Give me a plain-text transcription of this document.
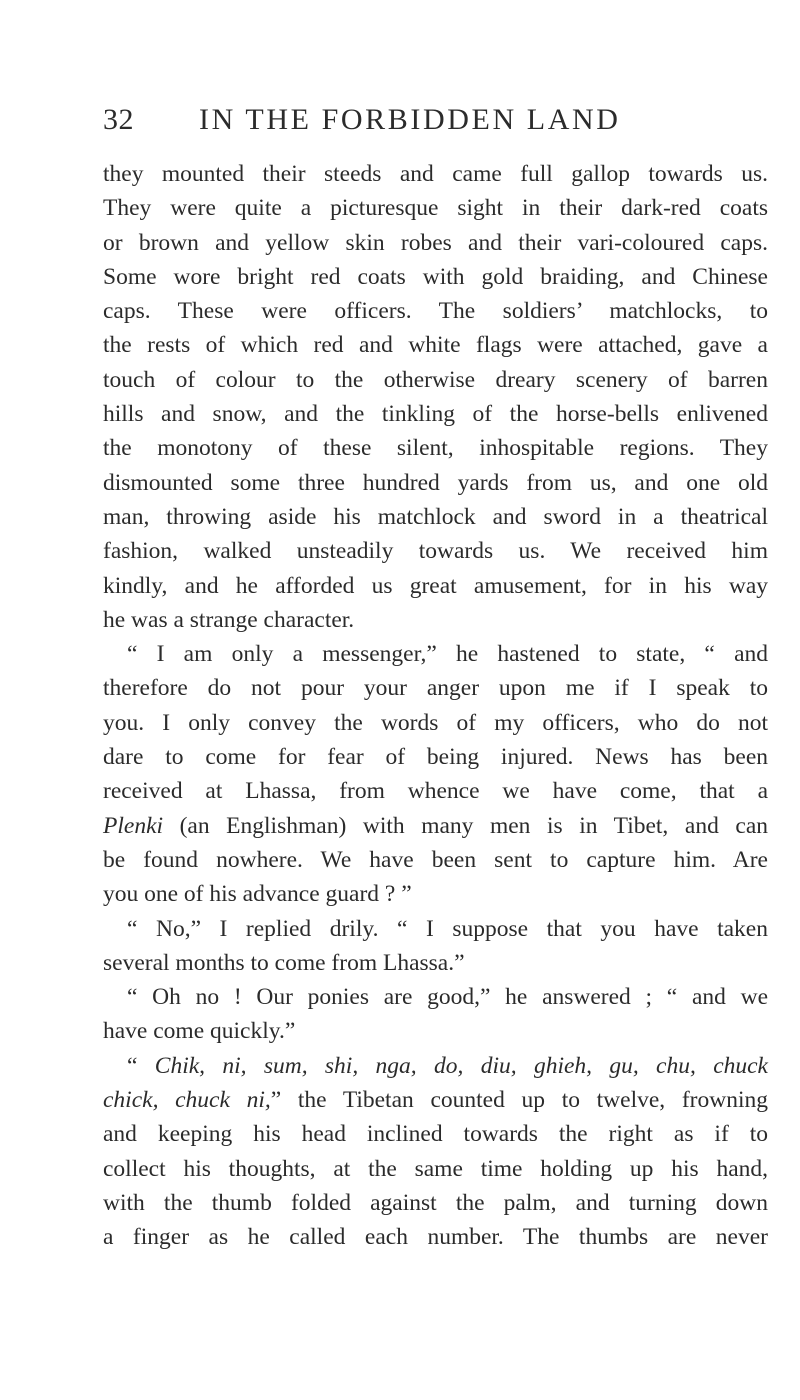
32 IN THE FORBIDDEN LAND
they mounted their steeds and came full gallop towards us.
They were quite a picturesque sight in their dark-red coats
or brown and yellow skin robes and their vari-coloured caps.
Some wore bright red coats with gold braiding, and Chinese
caps. These were officers. The soldiers’ matchlocks, to
the rests of which red and white flags were attached, gave a
touch of colour to the otherwise dreary scenery of barren
hills and snow, and the tinkling of the horse-bells enlivened
the monotony of these silent, inhospitable regions. They
dismounted some three hundred yards from us, and one old
man, throwing aside his matchlock and sword in a theatrical
fashion, walked unsteadily towards us. We received him
kindly, and he afforded us great amusement, for in his way
he was a strange character.
“ I am only a messenger,” he hastened to state, “ and
therefore do not pour your anger upon me if I speak to
you. I only convey the words of my officers, who do not
dare to come for fear of being injured. News has been
received at Lhassa, from whence we have come, that a
Plenki (an Englishman) with many men is in Tibet, and can
be found nowhere. We have been sent to capture him. Are
you one of his advance guard ? ”
“ No,” I replied drily. “ I suppose that you have taken
several months to come from Lhassa.”
“ Oh no ! Our ponies are good,” he answered ; “ and we
have come quickly.”
“ Chik, ni, sum, shi, nga, do, diu, ghieh, gu, chu, chuck
chick, chuck ni,” the Tibetan counted up to twelve, frowning
and keeping his head inclined towards the right as if to
collect his thoughts, at the same time holding up his hand,
with the thumb folded against the palm, and turning down
a finger as he called each number. The thumbs are never
